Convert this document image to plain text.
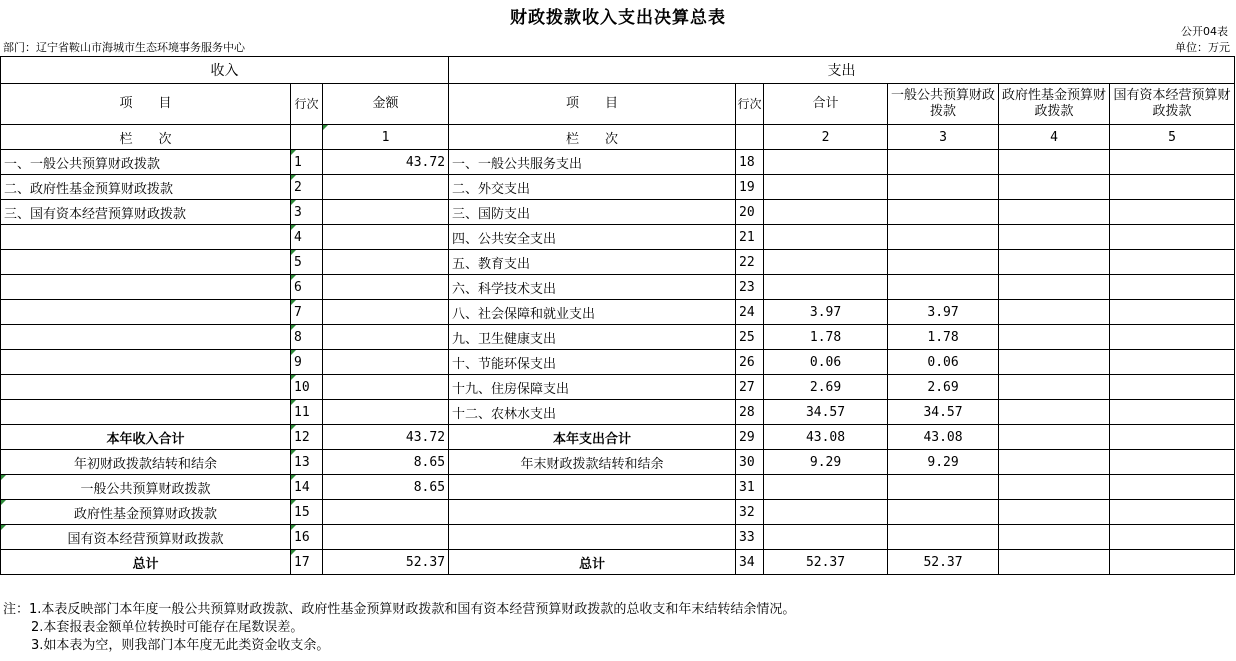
财政拨款收入支出决算总表
公开04表
部门：辽宁省鞍山市海城市生态环境事务服务中心	单位：万元
收入			支出					
项　　目	行次	金额	项　　目	行次	合计	一般公共预算财政拨款	政府性基金预算财政拨款	国有资本经营预算财政拨款
栏　　次		1	栏　　次		2	3	4	5
一、一般公共预算财政拨款	1	43.72	一、一般公共服务支出	18				
二、政府性基金预算财政拨款	2		二、外交支出	19				
三、国有资本经营预算财政拨款	3		三、国防支出	20				
	4		四、公共安全支出	21				
	5		五、教育支出	22				
	6		六、科学技术支出	23				
	7		八、社会保障和就业支出	24	3.97	3.97		
	8		九、卫生健康支出	25	1.78	1.78		
	9		十、节能环保支出	26	0.06	0.06		
	10		十九、住房保障支出	27	2.69	2.69		
	11		十二、农林水支出	28	34.57	34.57		
本年收入合计	12	43.72	本年支出合计	29	43.08	43.08		
年初财政拨款结转和结余	13	8.65	年末财政拨款结转和结余	30	9.29	9.29		
一般公共预算财政拨款	14	8.65		31				
政府性基金预算财政拨款	15			32				
国有资本经营预算财政拨款	16			33				
总计	17	52.37	总计	34	52.37	52.37		
注：1.本表反映部门本年度一般公共预算财政拨款、政府性基金预算财政拨款和国有资本经营预算财政拨款的总收支和年末结转结余情况。
2.本套报表金额单位转换时可能存在尾数误差。
3.如本表为空，则我部门本年度无此类资金收支余。
